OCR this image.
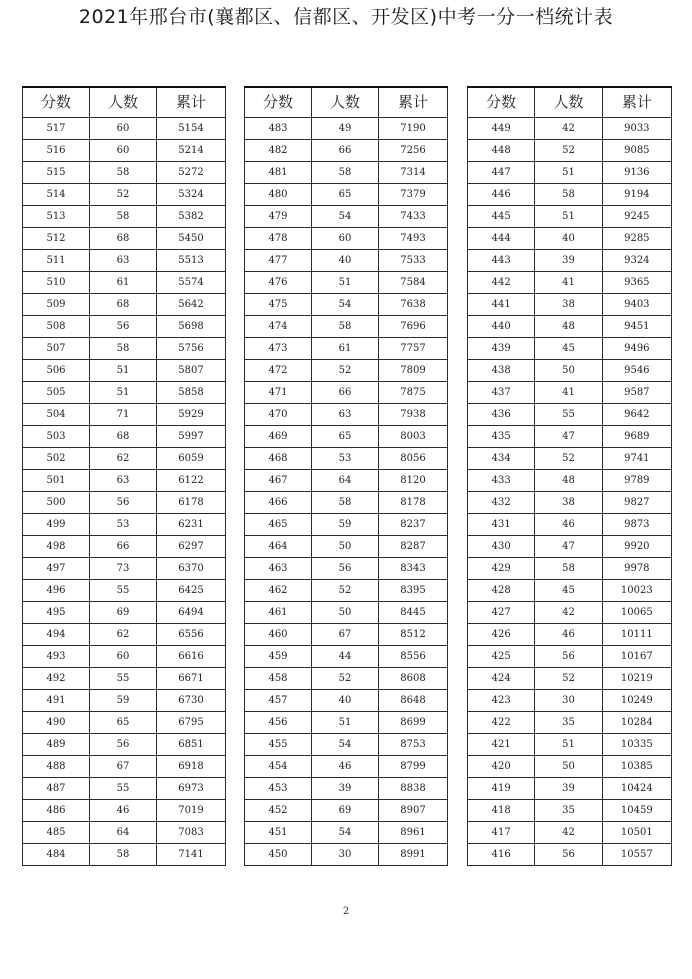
2021年邢台市(襄都区、信都区、开发区)中考一分一档统计表
分数	人数	累计
517	60	5154
516	60	5214
515	58	5272
514	52	5324
513	58	5382
512	68	5450
511	63	5513
510	61	5574
509	68	5642
508	56	5698
507	58	5756
506	51	5807
505	51	5858
504	71	5929
503	68	5997
502	62	6059
501	63	6122
500	56	6178
499	53	6231
498	66	6297
497	73	6370
496	55	6425
495	69	6494
494	62	6556
493	60	6616
492	55	6671
491	59	6730
490	65	6795
489	56	6851
488	67	6918
487	55	6973
486	46	7019
485	64	7083
484	58	7141
分数	人数	累计
483	49	7190
482	66	7256
481	58	7314
480	65	7379
479	54	7433
478	60	7493
477	40	7533
476	51	7584
475	54	7638
474	58	7696
473	61	7757
472	52	7809
471	66	7875
470	63	7938
469	65	8003
468	53	8056
467	64	8120
466	58	8178
465	59	8237
464	50	8287
463	56	8343
462	52	8395
461	50	8445
460	67	8512
459	44	8556
458	52	8608
457	40	8648
456	51	8699
455	54	8753
454	46	8799
453	39	8838
452	69	8907
451	54	8961
450	30	8991
分数	人数	累计
449	42	9033
448	52	9085
447	51	9136
446	58	9194
445	51	9245
444	40	9285
443	39	9324
442	41	9365
441	38	9403
440	48	9451
439	45	9496
438	50	9546
437	41	9587
436	55	9642
435	47	9689
434	52	9741
433	48	9789
432	38	9827
431	46	9873
430	47	9920
429	58	9978
428	45	10023
427	42	10065
426	46	10111
425	56	10167
424	52	10219
423	30	10249
422	35	10284
421	51	10335
420	50	10385
419	39	10424
418	35	10459
417	42	10501
416	56	10557
2
